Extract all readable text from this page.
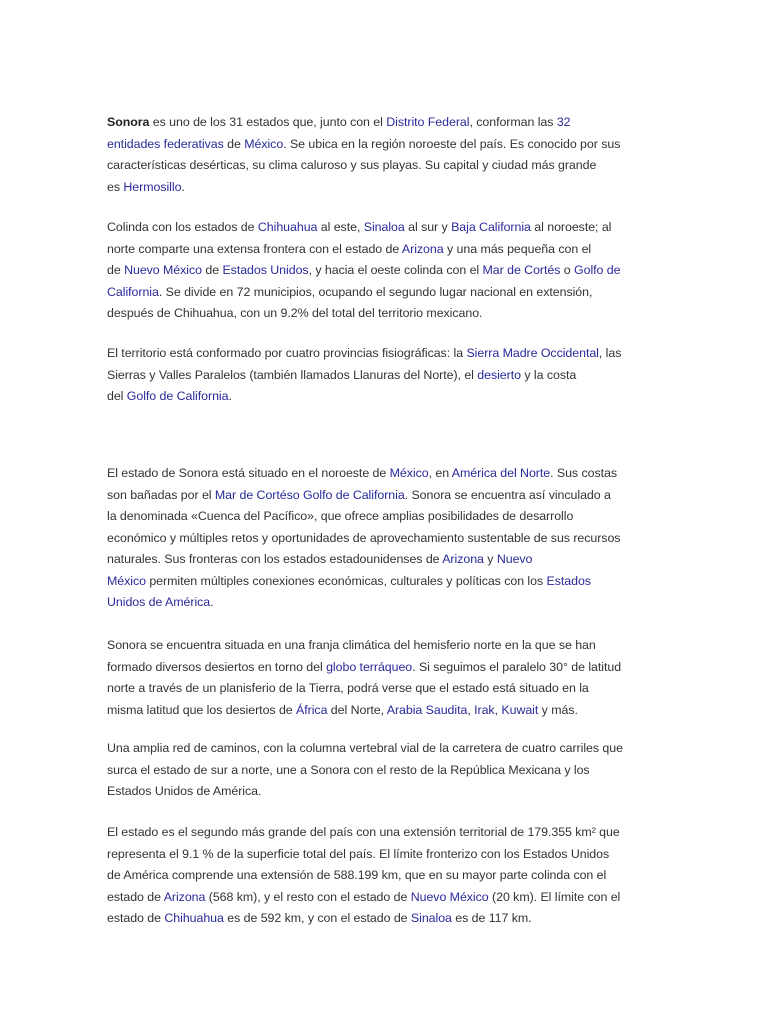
Sonora es uno de los 31 estados que, junto con el Distrito Federal, conforman las 32
entidades federativas de México. Se ubica en la región noroeste del país. Es conocido por sus
características desérticas, su clima caluroso y sus playas. Su capital y ciudad más grande
es Hermosillo.

Colinda con los estados de Chihuahua al este, Sinaloa al sur y Baja California al noroeste; al
norte comparte una extensa frontera con el estado de Arizona y una más pequeña con el
de Nuevo México de Estados Unidos, y hacia el oeste colinda con el Mar de Cortés o Golfo de
California. Se divide en 72 municipios, ocupando el segundo lugar nacional en extensión,
después de Chihuahua, con un 9.2% del total del territorio mexicano.

El territorio está conformado por cuatro provincias fisiográficas: la Sierra Madre Occidental, las
Sierras y Valles Paralelos (también llamados Llanuras del Norte), el desierto y la costa
del Golfo de California.

El estado de Sonora está situado en el noroeste de México, en América del Norte. Sus costas
son bañadas por el Mar de Cortéso Golfo de California. Sonora se encuentra así vinculado a
la denominada «Cuenca del Pacífico», que ofrece amplias posibilidades de desarrollo
económico y múltiples retos y oportunidades de aprovechamiento sustentable de sus recursos
naturales. Sus fronteras con los estados estadounidenses de Arizona y Nuevo
México permiten múltiples conexiones económicas, culturales y políticas con los Estados
Unidos de América.

Sonora se encuentra situada en una franja climática del hemisferio norte en la que se han
formado diversos desiertos en torno del globo terráqueo. Si seguimos el paralelo 30° de latitud
norte a través de un planisferio de la Tierra, podrá verse que el estado está situado en la
misma latitud que los desiertos de África del Norte, Arabia Saudita, Irak, Kuwait y más.

Una amplia red de caminos, con la columna vertebral vial de la carretera de cuatro carriles que
surca el estado de sur a norte, une a Sonora con el resto de la República Mexicana y los
Estados Unidos de América.

El estado es el segundo más grande del país con una extensión territorial de 179.355 km² que
representa el 9.1 % de la superficie total del país. El límite fronterizo con los Estados Unidos
de América comprende una extensión de 588.199 km, que en su mayor parte colinda con el
estado de Arizona (568 km), y el resto con el estado de Nuevo México (20 km). El límite con el
estado de Chihuahua es de 592 km, y con el estado de Sinaloa es de 117 km.
